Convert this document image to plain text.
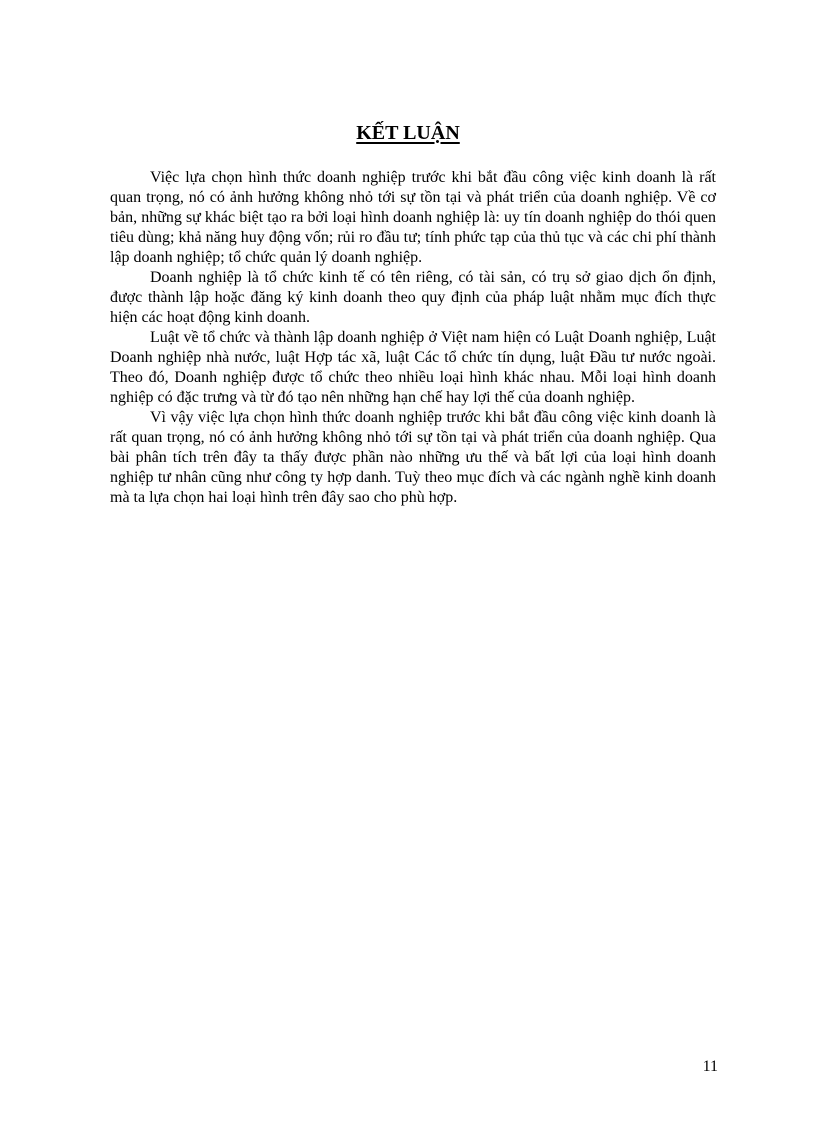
KẾT LUẬN

Việc lựa chọn hình thức doanh nghiệp trước khi bắt đầu công việc kinh doanh là rất quan trọng, nó có ảnh hưởng không nhỏ tới sự tồn tại và phát triển của doanh nghiệp. Về cơ bản, những sự khác biệt tạo ra bởi loại hình doanh nghiệp là: uy tín doanh nghiệp do thói quen tiêu dùng; khả năng huy động vốn; rủi ro đầu tư; tính phức tạp của thủ tục và các chi phí thành lập doanh nghiệp; tổ chức quản lý doanh nghiệp.

Doanh nghiệp là tổ chức kinh tế có tên riêng, có tài sản, có trụ sở giao dịch ổn định, được thành lập hoặc đăng ký kinh doanh theo quy định của pháp luật nhằm mục đích thực hiện các hoạt động kinh doanh.

Luật về tổ chức và thành lập doanh nghiệp ở Việt nam hiện có Luật Doanh nghiệp, Luật Doanh nghiệp nhà nước, luật Hợp tác xã, luật Các tổ chức tín dụng, luật Đầu tư nước ngoài. Theo đó, Doanh nghiệp được tổ chức theo nhiều loại hình khác nhau. Mỗi loại hình doanh nghiệp có đặc trưng và từ đó tạo nên những hạn chế hay lợi thế của doanh nghiệp.

Vì vậy việc lựa chọn hình thức doanh nghiệp trước khi bắt đầu công việc kinh doanh là rất quan trọng, nó có ảnh hưởng không nhỏ tới sự tồn tại và phát triển của doanh nghiệp. Qua bài phân tích trên đây ta thấy được phần nào những ưu thế và bất lợi của loại hình doanh nghiệp tư nhân cũng như công ty hợp danh. Tuỳ theo mục đích và các ngành nghề kinh doanh mà ta lựa chọn hai loại hình trên đây sao cho phù hợp.

11
